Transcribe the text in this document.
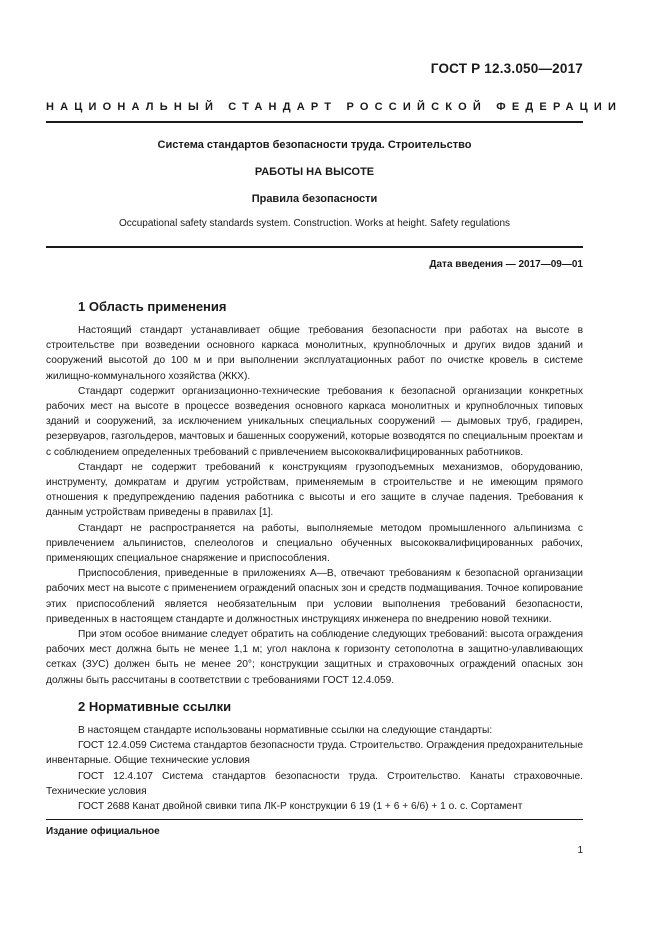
ГОСТ Р 12.3.050—2017
НАЦИОНАЛЬНЫЙ СТАНДАРТ РОССИЙСКОЙ ФЕДЕРАЦИИ
Система стандартов безопасности труда. Строительство
РАБОТЫ НА ВЫСОТЕ
Правила безопасности
Occupational safety standards system. Construction. Works at height. Safety regulations
Дата введения — 2017—09—01
1 Область применения

Настоящий стандарт устанавливает общие требования безопасности при работах на высоте в строительстве при возведении основного каркаса монолитных, крупноблочных и других видов зданий и сооружений высотой до 100 м и при выполнении эксплуатационных работ по очистке кровель в системе жилищно-коммунального хозяйства (ЖКХ).

Стандарт содержит организационно-технические требования к безопасной организации конкретных рабочих мест на высоте в процессе возведения основного каркаса монолитных и крупноблочных типовых зданий и сооружений, за исключением уникальных специальных сооружений — дымовых труб, градирен, резервуаров, газгольдеров, мачтовых и башенных сооружений, которые возводятся по специальным проектам и с соблюдением определенных требований с привлечением высококвалифицированных работников.

Стандарт не содержит требований к конструкциям грузоподъемных механизмов, оборудованию, инструменту, домкратам и другим устройствам, применяемым в строительстве и не имеющим прямого отношения к предупреждению падения работника с высоты и его защите в случае падения. Требования к данным устройствам приведены в правилах [1].

Стандарт не распространяется на работы, выполняемые методом промышленного альпинизма с привлечением альпинистов, спелеологов и специально обученных высококвалифицированных рабочих, применяющих специальное снаряжение и приспособления.

Приспособления, приведенные в приложениях А—В, отвечают требованиям к безопасной организации рабочих мест на высоте с применением ограждений опасных зон и средств подмащивания. Точное копирование этих приспособлений является необязательным при условии выполнения требований безопасности, приведенных в настоящем стандарте и должностных инструкциях инженера по внедрению новой техники.

При этом особое внимание следует обратить на соблюдение следующих требований: высота ограждения рабочих мест должна быть не менее 1,1 м; угол наклона к горизонту сетополотна в защитно-улавливающих сетках (ЗУС) должен быть не менее 20°; конструкции защитных и страховочных ограждений опасных зон должны быть рассчитаны в соответствии с требованиями ГОСТ 12.4.059.

2 Нормативные ссылки

В настоящем стандарте использованы нормативные ссылки на следующие стандарты:

ГОСТ 12.4.059 Система стандартов безопасности труда. Строительство. Ограждения предохранительные инвентарные. Общие технические условия

ГОСТ 12.4.107 Система стандартов безопасности труда. Строительство. Канаты страховочные. Технические условия

ГОСТ 2688 Канат двойной свивки типа ЛК-Р конструкции 6 19 (1 + 6 + 6/6) + 1 о. с. Сортамент

Издание официальное
1
